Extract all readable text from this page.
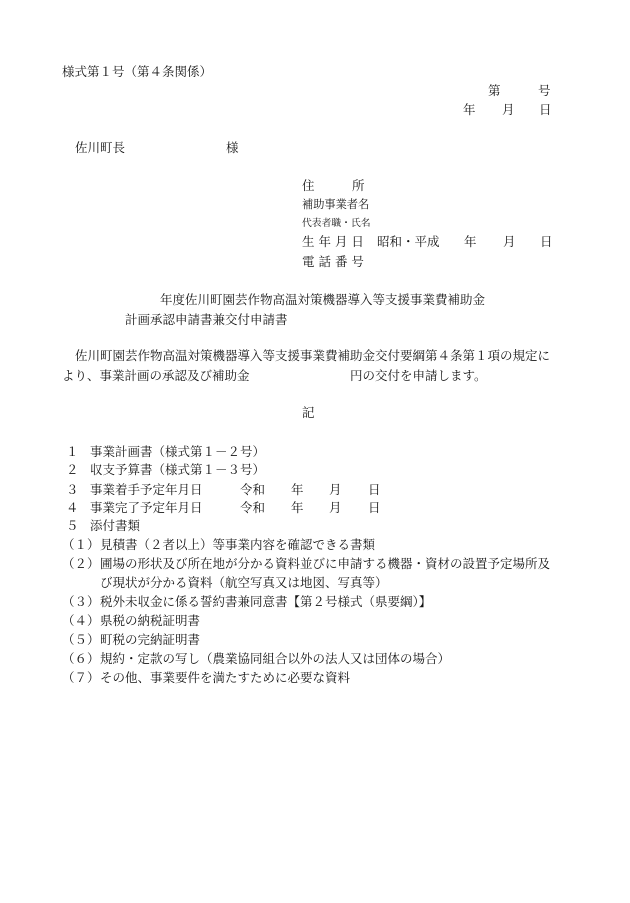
様式第１号（第４条関係）
第	号
年 月 日
佐川町長	様
住　　　所
補助事業者名
代表者職・氏名
生 年 月 日 昭和・平成 年 月 日
電 話 番 号
年度佐川町園芸作物高温対策機器導入等支援事業費補助金
計画承認申請書兼交付申請書
佐川町園芸作物高温対策機器導入等支援事業費補助金交付要綱第４条第１項の規定に
より、事業計画の承認及び補助金	円の交付を申請します。
記
１ 事業計画書（様式第１－２号）
２ 収支予算書（様式第１－３号）
３ 事業着手予定年月日	令和 年 月 日
４ 事業完了予定年月日	令和 年 月 日
５ 添付書類
（１） 見積書（２者以上）等事業内容を確認できる書類
（２） 圃場の形状及び所在地が分かる資料並びに申請する機器・資材の設置予定場所及
び現状が分かる資料（航空写真又は地図、写真等）
（３） 税外未収金に係る誓約書兼同意書【第２号様式（県要綱）】
（４） 県税の納税証明書
（５） 町税の完納証明書
（６） 規約・定款の写し（農業協同組合以外の法人又は団体の場合）
（７） その他、事業要件を満たすために必要な資料
